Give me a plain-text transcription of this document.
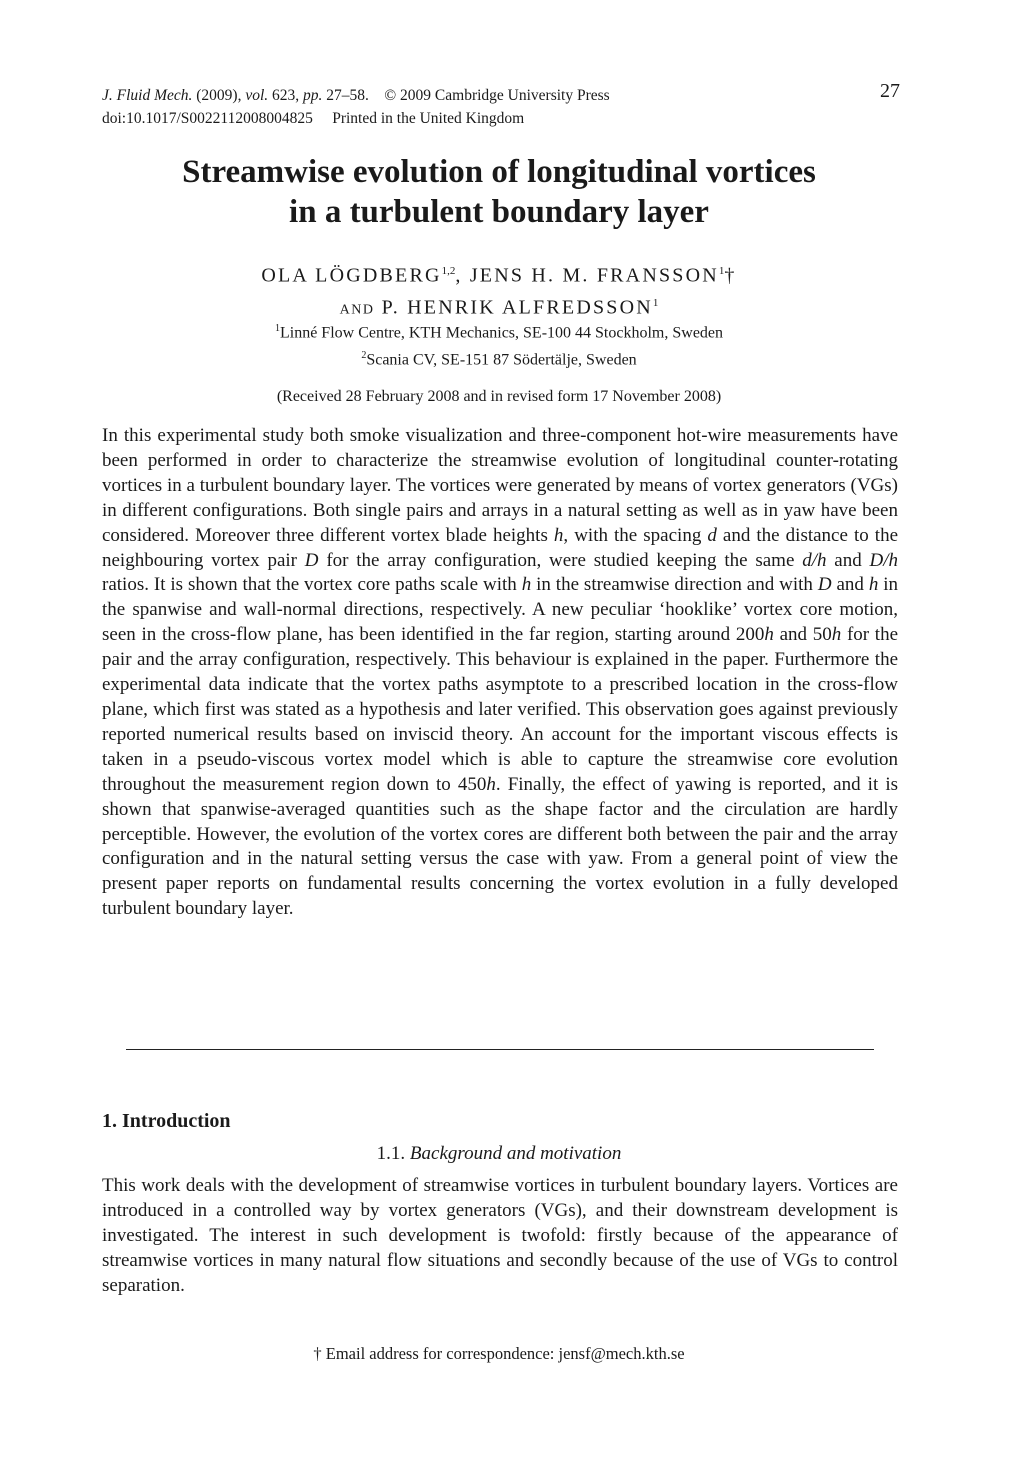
J. Fluid Mech. (2009), vol. 623, pp. 27–58. © 2009 Cambridge University Press
doi:10.1017/S0022112008004825 Printed in the United Kingdom
27
Streamwise evolution of longitudinal vortices
in a turbulent boundary layer
OLA LÖGDBERG$^{1,2}$, JENS H. M. FRANSSON$^1$†
AND P. HENRIK ALFREDSSON$^1$
$^1$Linné Flow Centre, KTH Mechanics, SE-100 44 Stockholm, Sweden
$^2$Scania CV, SE-151 87 Södertälje, Sweden
(Received 28 February 2008 and in revised form 17 November 2008)
In this experimental study both smoke visualization and three-component hot-wire measurements have been performed in order to characterize the streamwise evolution of longitudinal counter-rotating vortices in a turbulent boundary layer. The vortices were generated by means of vortex generators (VGs) in different configurations. Both single pairs and arrays in a natural setting as well as in yaw have been considered. Moreover three different vortex blade heights h, with the spacing d and the distance to the neighbouring vortex pair D for the array configuration, were studied keeping the same d/h and D/h ratios. It is shown that the vortex core paths scale with h in the streamwise direction and with D and h in the spanwise and wall-normal directions, respectively. A new peculiar ‘hooklike’ vortex core motion, seen in the cross-flow plane, has been identified in the far region, starting around 200h and 50h for the pair and the array configuration, respectively. This behaviour is explained in the paper. Furthermore the experimental data indicate that the vortex paths asymptote to a prescribed location in the cross-flow plane, which first was stated as a hypothesis and later verified. This observation goes against previously reported numerical results based on inviscid theory. An account for the important viscous effects is taken in a pseudo-viscous vortex model which is able to capture the streamwise core evolution throughout the measurement region down to 450h. Finally, the effect of yawing is reported, and it is shown that spanwise-averaged quantities such as the shape factor and the circulation are hardly perceptible. However, the evolution of the vortex cores are different both between the pair and the array configuration and in the natural setting versus the case with yaw. From a general point of view the present paper reports on fundamental results concerning the vortex evolution in a fully developed turbulent boundary layer.
1. Introduction
1.1. Background and motivation
This work deals with the development of streamwise vortices in turbulent boundary layers. Vortices are introduced in a controlled way by vortex generators (VGs), and their downstream development is investigated. The interest in such development is twofold: firstly because of the appearance of streamwise vortices in many natural flow situations and secondly because of the use of VGs to control separation.
† Email address for correspondence: jensf@mech.kth.se
